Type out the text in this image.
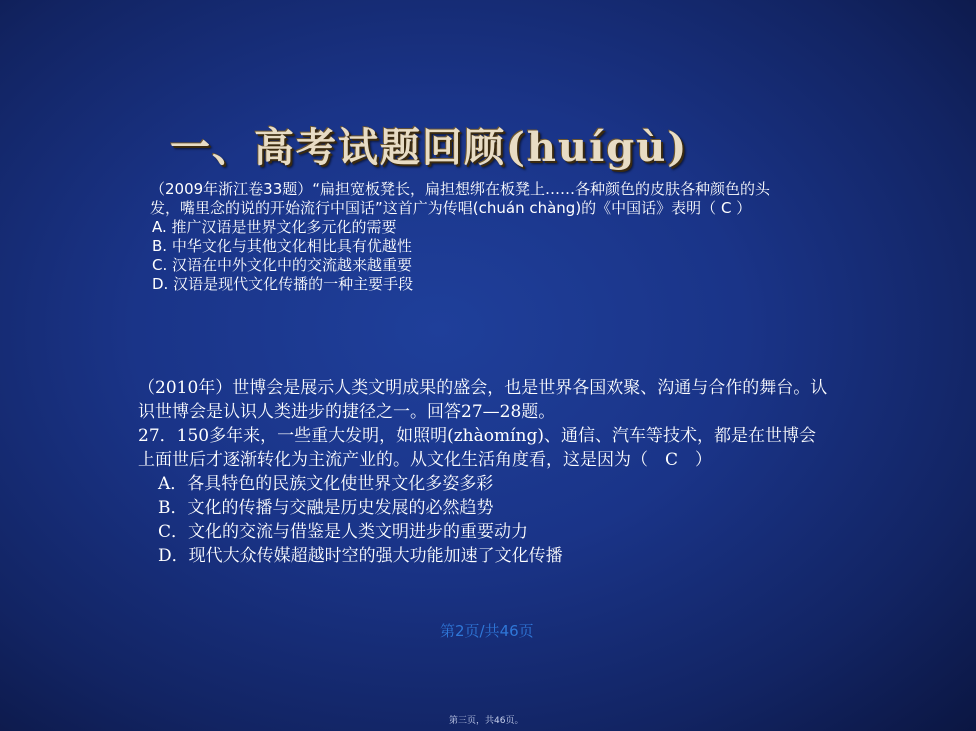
一、高考试题回顾(huígù)
（2009年浙江卷33题）“扁担宽板凳长，扁担想绑在板凳上……各种颜色的皮肤各种颜色的头发，嘴里念的说的开始流行中国话”这首广为传唱(chuán chàng)的《中国话》表明（ C ）
A. 推广汉语是世界文化多元化的需要
B. 中华文化与其他文化相比具有优越性
C. 汉语在中外文化中的交流越来越重要
D. 汉语是现代文化传播的一种主要手段
（2010年）世博会是展示人类文明成果的盛会，也是世界各国欢聚、沟通与合作的舞台。认识世博会是认识人类进步的捷径之一。回答27—28题。
27．150多年来，一些重大发明，如照明(zhàomíng)、通信、汽车等技术，都是在世博会上面世后才逐渐转化为主流产业的。从文化生活角度看，这是因为（　C　）
A．各具特色的民族文化使世界文化多姿多彩
B．文化的传播与交融是历史发展的必然趋势
C．文化的交流与借鉴是人类文明进步的重要动力
D．现代大众传媒超越时空的强大功能加速了文化传播
第2页/共46页
第三页，共46页。
